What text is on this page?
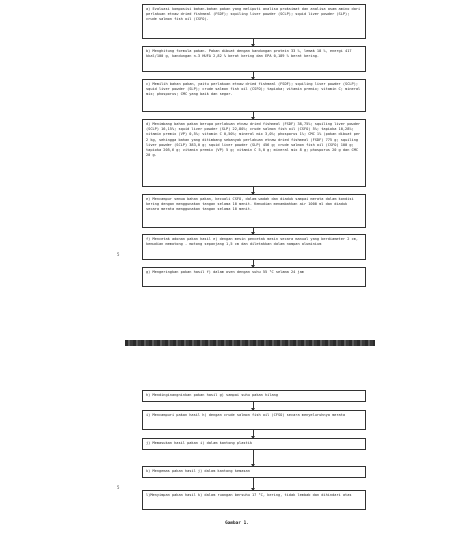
a) Evaluasi komposisi bahan-bahan pakan yang meliputi analisa proksimat dan analisa asam amino dari perlakuan etnaw dried fishmeal (FSDF); squiling liver powder (SCLP); squid liver powder (SLP); crude salmon fish oil (CSFO).
b) Menghitung formula pakan. Pakan dibuat dengan kandungan protein 33 %, lemak 18 %, energi 417 kkal/100 g, kandungan n-3 HUFA 2,82 % berat kering dan EPA 0,189 % berat kering.
c) Memilih bahan pakan, yaitu perlakuan etnaw dried fishmeal (FSDF); squiling liver powder (SCLP); squid liver powder (SLP); crude salmon fish oil (CSFO); tapioka; vitamin premix; vitamin C; mineral mix; phosporus; CMC yang baik dan segar.
d) Menimbang bahan pakan berupa perlakuan etnaw dried fishmeal (FSDF) 38,75%; squiling liver powder (SCLP) 16,15%; squid liver powder (SLP) 22,80%; crude salmon fish oil (CSFO) 5%; tapioka 10,28%; vitamin premix (VP) 0,5%; vitamin C 0,50%; mineral mix 3,0%; phosporus 1%; CMC 1% (pakan dibuat per 2 kg, sehingga bahan yang ditimbang sebanyak perlakuan etnaw dried fishmeal (FSDF) 775 g; squiling liver powder (SCLP) 383,0 g; squid liver powder (SLP) 456 g; crude salmon fish oil (CSFO) 100 g; tapioka 205,6 g; vitamin premix (VP) 5 g; vitamin C 5,0 g; mineral mix 8 g; phosporus 20 g dan CMC 20 g.
e) Mencampur semua bahan pakan, kecuali CSFO, dalam wadah dan diaduk sampai merata dalam kondisi kering dengan menggunakan tangan selama 10 menit. Kemudian menambahkan air 1000 ml dan diaduk secara merata menggunakan tangan selama 10 menit.
f) Mencetak adonan pakan hasil e) dengan mesin pencetak mesin secara manual yang berdiameter 2 cm, kemudian memotong - motong sepanjang 1,5 cm dan diletakkan dalam nampan aluminium
g) Mengeringkan pakan hasil f) dalam oven dengan suhu 55 °C selama 24 jam
5
h) Mendinginangninkan pakan hasil g) sampai suhu pakan hilang
i) Mencampuri pakan hasil h) dengan crude salmon fish oil (CFSO) secara menyeluruhnya merata
j) Memasukan hasil pakan i) dalam kantong plastik
k) Mengemas pakan hasil j) dalam kantong kemasan
l)Menyimpan pakan hasil k) dalam ruangan bersuhu 17 °C, kering, tidak lembab dan dihindari atas
5
Gambar 1.
